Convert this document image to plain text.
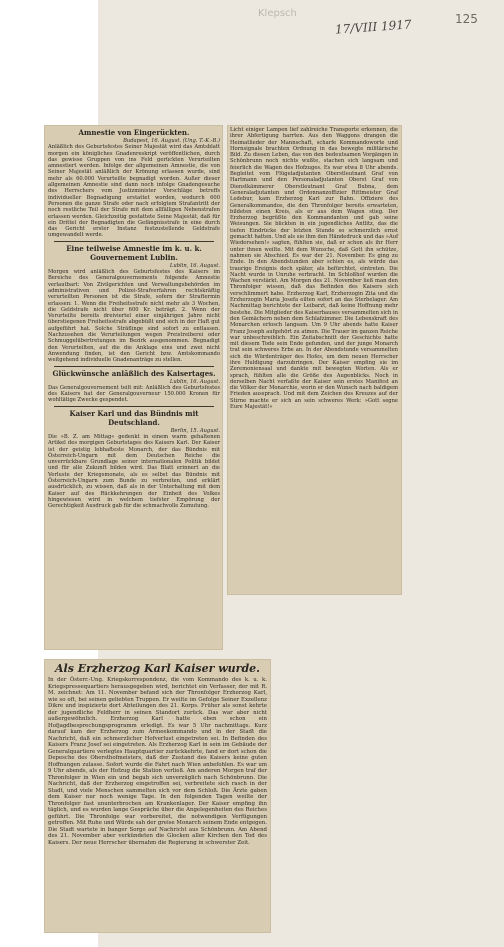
Klepsch
17/VIII 1917	125
Amnestie von Eingerückten.

Budapest, 16. August. (Ung. T.-K.-B.)

Anläßlich des Geburtsfestes Seiner Majestät wird das Amtsblatt morgen ein königliches Gnadenreskript veröffentlichen, durch das gewisse Gruppen von ins Feld gerückten Verurteilten amnestiert werden. Infolge der allgemeinen Amnestie, die von Seiner Majestät anläßlich der Krönung erlassen wurde, sind mehr als 60.000 Verurteilte begnadigt worden. Außer dieser allgemeinen Amnestie sind dann noch infolge Gnadengesuche des Herrschers vom Justizminister Vorschläge betreffs individueller Begnadigung erstattet worden, wodurch 600 Personen die ganze Strafe oder nach erfolgtem Strafantritt der noch restliche Teil der Strafe mit dem allfälligen Nebenstrafen erlassen werden. Gleichzeitig gestattete Seine Majestät, daß für ein Drittel der Begnadigten die Gefängnisstrafe in eine durch das Gericht erster Instanz festzustellende Geldstrafe umgewandelt werde.

Eine teilweise Amnestie im k. u. k. Gouvernement Lublin.

Lublin, 16. August.

Morgen wird anläßlich des Geburtsfestes des Kaisers im Bereiche des Generalgouvernements folgende Amnestie verlautbart: Von Zivilgerichten und Verwaltungsbehörden im administrativen und Polizei-Strafverfahren rechtskräftig verurteilten Personen ist die Strafe, sofern der Straftermin erlassen: 1. Wenn die Freiheitsstrafe nicht mehr als 3 Wochen, die Geldstrafe nicht über 600 Kr. beträgt. 2. Wenn der Verurteilte bereits dreiviertel einer einjährigen Jahre nicht überstiegenen Freiheitsstrafe abgebüßt und sich in der Haft gut aufgeführt hat. Solche Sträflinge sind sofort zu entlassen. Nachzusehen die Verurteilungen wegen Preistreiberei oder Schmuggelübertretungen im Bezirk ausgenommen. Begnadigt den Verurteilten, auf die die Anklage eins und zwei nicht Anwendung finden, ist den Gericht bzw. Amtskommando weitgehend individuelle Gnadenanträge zu stellen.

Glückwünsche anläßlich des Kaisertages.

Lublin, 16. August.

Das Generalgouvernement teilt mit: Anläßlich des Geburtsfestes des Kaisers hat der Generalgouverneur 150.000 Kronen für wohltätige Zwecke gespendet.

Kaiser Karl und das Bündnis mit Deutschland.

Berlin, 15. August.

Die »B. Z. am Mittag« gedenkt in einem warm gehaltenen Artikel des morgigen Geburtstages des Kaisers Karl. Der Kaiser ist der geistig lebhafteste Monarch, der das Bündnis mit Österreich-Ungarn mit dem Deutschen Reiche die unverrückbare Grundlage seiner internationalen Politik bildet und für alle Zukunft bilden wird. Das Blatt erinnert an die Verluste der Kriegsmonate, als es selbst das Bündnis mit Österreich-Ungarn zum Bunde zu verbreiten, und erklärt ausdrücklich, zu wissen, daß als in der Unterhaltung mit dem Kaiser auf des Rückkehrungen der Einheit des Volkes hingewiesen wird in welchem tiefster Empörung der Gerechtigkeit Ausdruck gab für die schmachvolle Zumutung.

Licht einiger Lampen lief zahlreiche Transporte erkennen, die ihrer Abfertigung harrten. Aus den Waggons drangen die Heimatlieder der Mannschaft, scharfe Kommandoworte und Hornsignale brachten Ordnung in das bewegte militärische Bild. Zu diesen Leben, das von den bedeutsamen Vorgängen in Schönbrunn noch nichts wußte, stachen sich langsam und feierlich die Wagen des Hofzuges. Es war etwa 8 Uhr abends. Begleitet vom Flügeladjutanten Oberstleutnant Graf von Hartmann und den Personaladjutanten Oberst Graf von Dienstkämmerer Oberstleutnant Graf Bubna, dem Generaladjutanten und Ordonnanzoffizier Rittmeister Graf Ledebur, kam Erzherzog Karl zur Bahn. Offiziere des Generalkommandos, die den Thronfolger bereits erwarteten, bildeten einen Kreis, als er aus dem Wagen stieg. Der Erzherzog begrüßte den Kommandanten und gab seine Weisungen. Sie blickten in ein jugendliches Antlitz, das die tiefen Eindrücke der letzten Stunde so schmerzlich ernst gemacht hatten. Und als sie ihm den Händedruck und das »Auf Wiedersehen!« sagten, fühlten sie, daß er schon als ihr Herr unter ihnen weilte. Mit dem Wunsche, daß Gott ihn schütze, nahmen sie Abschied. Es war der 21. November. Es ging zu Ende. In den Abendstunden aber schien es, als würde das traurige Ereignis doch später, als befürchtet, eintreten. Die Nacht wurde in Unruhe verbracht. Im Schloßhof wurden die Wachen verstärkt. Am Morgen des 21. November ließ man den Thronfolger wissen, daß das Befinden des Kaisers sich verschlimmert habe. Erzherzog Karl, Erzherzogin Zita und die Erzherzogin Maria Josefa eilten sofort an das Sterbelager. Am Nachmittag berichtete der Leibarzt, daß keine Hoffnung mehr bestehe. Die Mitglieder des Kaiserhauses versammelten sich in den Gemächern neben dem Schlafzimmer. Die Lebenskraft des Monarchen erlosch langsam. Um 9 Uhr abends hatte Kaiser Franz Joseph aufgehört zu atmen. Die Trauer im ganzen Reiche war unbeschreiblich. Ein Zeitabschnitt der Geschichte hatte mit diesem Tode sein Ende gefunden, und der junge Monarch trat sein schweres Erbe an. In der Abendstunde versammelten sich die Würdenträger des Hofes, um dem neuen Herrscher ihre Huldigung darzubringen. Der Kaiser empfing sie im Zeremoniensaal und dankte mit bewegten Worten. Als er sprach, fühlten alle die Größe des Augenblicks. Noch in derselben Nacht verfaßte der Kaiser sein erstes Manifest an die Völker der Monarchie, worin er den Wunsch nach baldigem Frieden aussprach. Und mit dem Zeichen des Kreuzes auf der Stirne machte er sich an sein schweres Werk: »Gott segne Eure Majestät!«

Als Erzherzog Karl Kaiser wurde.

In der Österr.-Ung. Kriegskorrespondenz, die vom Kommando des k. u. k. Kriegspressequartiers herausgegeben wird, berichtet ein Verfasser, der mit R. M. zeichnet: Am 11. November befand sich der Thronfolger Erzherzog Karl, wie so oft, bei seinen geliebten Truppen. Er weilte im Gefolge Seiner Exzellenz Dikre und inspizierte dort Abteilungen des 21. Korps. Früher als sonst kehrte der jugendliche Feldherr in seinen Standort zurück. Das war aber nicht außergewöhnlich. Erzherzog Karl hatte eben schon ein Hofjagdbesprechungsprogramm erledigt. Es war 5 Uhr nachmittags. Kurz darauf kam der Erzherzog zum Armeekommando und in der Stadt die Nachricht, daß ein schmerzlicher Hofverlust eingetreten sei. In Befinden des Kaisers Franz Josef sei eingetreten. Als Erzherzog Karl in sein im Gebäude der Generalquartiere verlegtes Hauptquartier zurückkehrte, fand er dort schon die Depesche des Obersthofmeisters, daß der Zustand des Kaisers keine guten Hoffnungen zulasse. Sofort wurde die Fahrt nach Wien anbefohlen. Es war um 9 Uhr abends, als der Hofzug die Station verließ. Am anderen Morgen traf der Thronfolger in Wien ein und begab sich unverzüglich nach Schönbrunn. Die Nachricht, daß der Erzherzog eingetroffen sei, verbreitete sich rasch in der Stadt, und viele Menschen sammelten sich vor dem Schloß. Die Ärzte gaben dem Kaiser nur noch wenige Tage. In den folgenden Tagen weilte der Thronfolger fast ununterbrochen am Krankenlager. Der Kaiser empfing ihn täglich, und es wurden lange Gespräche über die Angelegenheiten des Reiches geführt. Die Thronfolge war vorbereitet, die notwendigen Verfügungen getroffen. Mit Ruhe und Würde sah der greise Monarch seinem Ende entgegen. Die Stadt wartete in banger Sorge auf Nachricht aus Schönbrunn. Am Abend des 21. November aber verkündeten die Glocken aller Kirchen den Tod des Kaisers. Der neue Herrscher übernahm die Regierung in schwerster Zeit.
